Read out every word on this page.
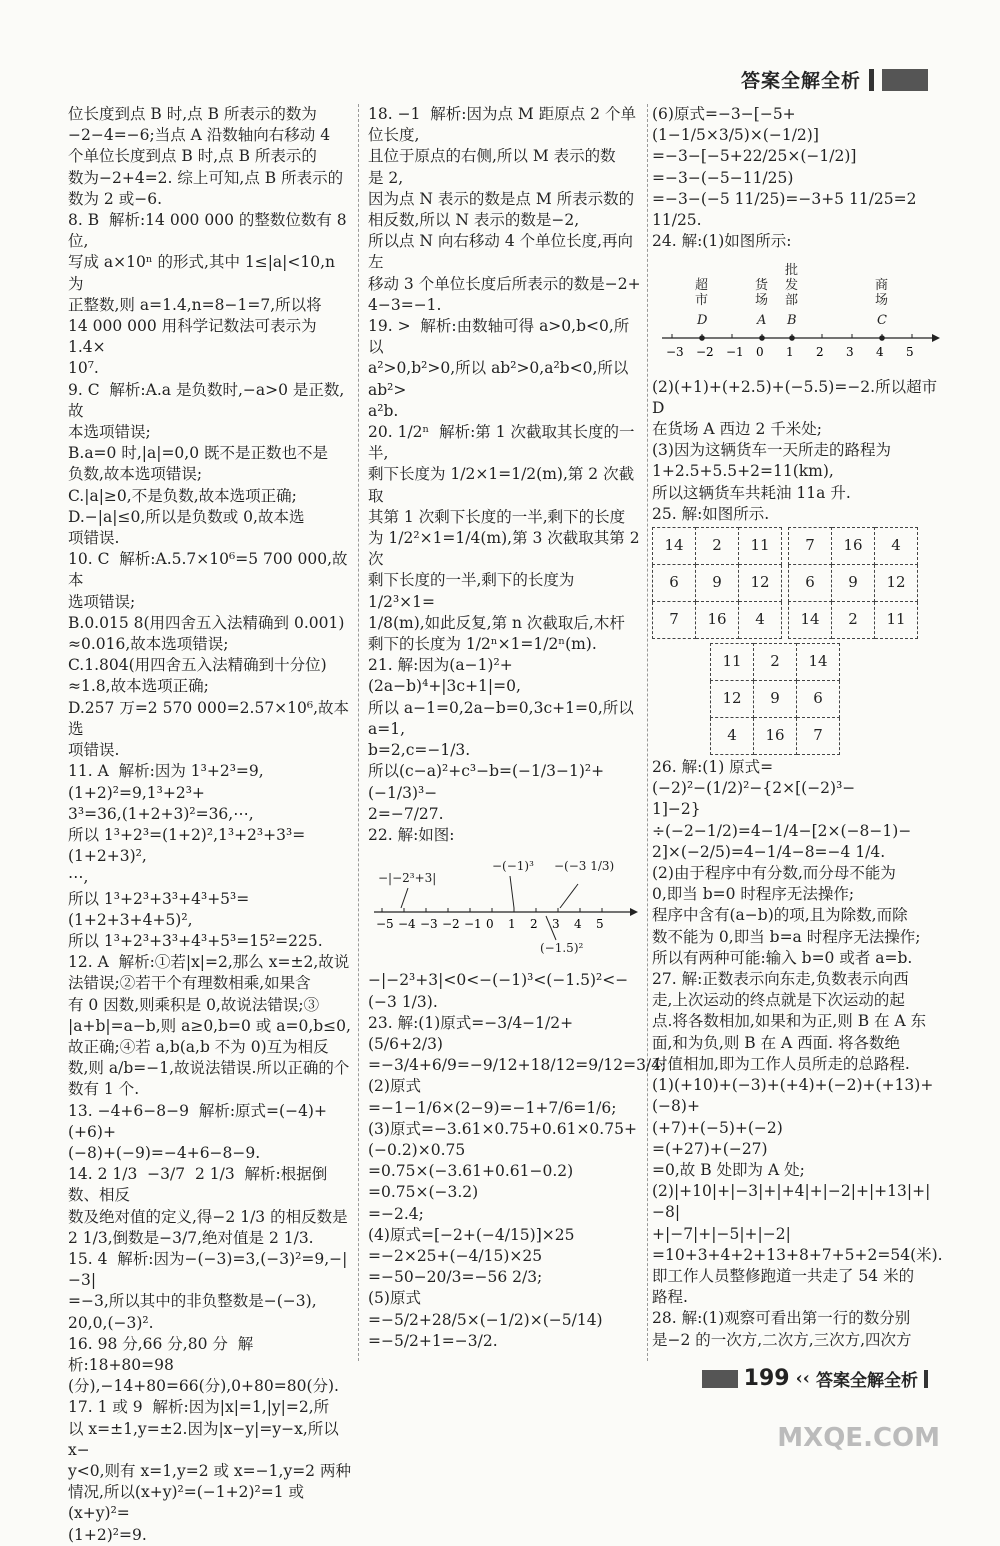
答案全解全析

位长度到点 B 时,点 B 所表示的数为

−2−4=−6;当点 A 沿数轴向右移动 4

个单位长度到点 B 时,点 B 所表示的

数为−2+4=2. 综上可知,点 B 所表示的

数为 2 或−6.

8. B  解析:14 000 000 的整数位数有 8 位,

写成 a×10ⁿ 的形式,其中 1≤|a|<10,n 为

正整数,则 a=1.4,n=8−1=7,所以将

14 000 000 用科学记数法可表示为 1.4×

10⁷.

9. C  解析:A.a 是负数时,−a>0 是正数,故

本选项错误;

B.a=0 时,|a|=0,0 既不是正数也不是

负数,故本选项错误;

C.|a|≥0,不是负数,故本选项正确;

D.−|a|≤0,所以是负数或 0,故本选

项错误.

10. C  解析:A.5.7×10⁶=5 700 000,故本

选项错误;

B.0.015 8(用四舍五入法精确到 0.001)

≈0.016,故本选项错误;

C.1.804(用四舍五入法精确到十分位)

≈1.8,故本选项正确;

D.257 万=2 570 000=2.57×10⁶,故本选

项错误.

11. A  解析:因为 1³+2³=9,(1+2)²=9,1³+2³+

3³=36,(1+2+3)²=36,⋯,

所以 1³+2³=(1+2)²,1³+2³+3³=(1+2+3)²,

⋯,

所以 1³+2³+3³+4³+5³=(1+2+3+4+5)²,

所以 1³+2³+3³+4³+5³=15²=225.

12. A  解析:①若|x|=2,那么 x=±2,故说

法错误;②若干个有理数相乘,如果含

有 0 因数,则乘积是 0,故说法错误;③

|a+b|=a−b,则 a≥0,b=0 或 a=0,b≤0,

故正确;④若 a,b(a,b 不为 0)互为相反

数,则 a/b=−1,故说法错误.所以正确的个

数有 1 个.

13. −4+6−8−9  解析:原式=(−4)+(+6)+

(−8)+(−9)=−4+6−8−9.

14. 2 1/3  −3/7  2 1/3  解析:根据倒数、相反

数及绝对值的定义,得−2 1/3 的相反数是

2 1/3,倒数是−3/7,绝对值是 2 1/3.

15. 4  解析:因为−(−3)=3,(−3)²=9,−|−3|

=−3,所以其中的非负整数是−(−3),

20,0,(−3)².

16. 98 分,66 分,80 分  解析:18+80=98

(分),−14+80=66(分),0+80=80(分).

17. 1 或 9  解析:因为|x|=1,|y|=2,所

以 x=±1,y=±2.因为|x−y|=y−x,所以 x−

y<0,则有 x=1,y=2 或 x=−1,y=2 两种

情况,所以(x+y)²=(−1+2)²=1 或(x+y)²=

(1+2)²=9.

18. −1  解析:因为点 M 距原点 2 个单位长度,

且位于原点的右侧,所以 M 表示的数

是 2,

因为点 N 表示的数是点 M 所表示数的

相反数,所以 N 表示的数是−2,

所以点 N 向右移动 4 个单位长度,再向左

移动 3 个单位长度后所表示的数是−2+

4−3=−1.

19. >  解析:由数轴可得 a>0,b<0,所以

a²>0,b²>0,所以 ab²>0,a²b<0,所以 ab²>

a²b.

20. 1/2ⁿ  解析:第 1 次截取其长度的一半,

剩下长度为 1/2×1=1/2(m),第 2 次截取

其第 1 次剩下长度的一半,剩下的长度

为 1/2²×1=1/4(m),第 3 次截取其第 2 次

剩下长度的一半,剩下的长度为 1/2³×1=

1/8(m),如此反复,第 n 次截取后,木杆

剩下的长度为 1/2ⁿ×1=1/2ⁿ(m).

21. 解:因为(a−1)²+(2a−b)⁴+|3c+1|=0,

所以 a−1=0,2a−b=0,3c+1=0,所以 a=1,

b=2,c=−1/3.

所以(c−a)²+c³−b=(−1/3−1)²+(−1/3)³−

2=−7/27.

22. 解:如图:

−5 −4 −3 −2 −1 0 1 2 3 4 5
−|−2³+3|
−(−1)³ −(−3 1/3)
(−1.5)²

−|−2³+3|<0<−(−1)³<(−1.5)²<−(−3 1/3).

23. 解:(1)原式=−3/4−1/2+(5/6+2/3)

=−3/4+6/9=−9/12+18/12=9/12=3/4;

(2)原式=−1−1/6×(2−9)=−1+7/6=1/6;

(3)原式=−3.61×0.75+0.61×0.75+

(−0.2)×0.75

=0.75×(−3.61+0.61−0.2)

=0.75×(−3.2)

=−2.4;

(4)原式=[−2+(−4/15)]×25

=−2×25+(−4/15)×25

=−50−20/3=−56 2/3;

(5)原式=−5/2+28/5×(−1/2)×(−5/14)

=−5/2+1=−3/2.

(6)原式=−3−[−5+(1−1/5×3/5)×(−1/2)]

=−3−[−5+22/25×(−1/2)]

=−3−(−5−11/25)

=−3−(−5 11/25)=−3+5 11/25=2 11/25.

24. 解:(1)如图所示:

−3 −2 −1 0 1 2 3 4 5
超
市
D
货
场
A
批
发
部
B
商
场
C

(2)(+1)+(+2.5)+(−5.5)=−2.所以超市 D

在货场 A 西边 2 千米处;

(3)因为这辆货车一天所走的路程为

1+2.5+5.5+2=11(km),

所以这辆货车共耗油 11a 升.

25. 解:如图所示.

14	2	11
6	9	12
7	16	4
7	16	4
6	9	12
14	2	11
11	2	14
12	9	6
4	16	7

26. 解:(1) 原式=(−2)²−(1/2)²−{2×[(−2)³−

1]−2}÷(−2−1/2)=4−1/4−[2×(−8−1)−

2]×(−2/5)=4−1/4−8=−4 1/4.

(2)由于程序中有分数,而分母不能为

0,即当 b=0 时程序无法操作;

程序中含有(a−b)的项,且为除数,而除

数不能为 0,即当 b=a 时程序无法操作;

所以有两种可能:输入 b=0 或者 a=b.

27. 解:正数表示向东走,负数表示向西

走,上次运动的终点就是下次运动的起

点.将各数相加,如果和为正,则 B 在 A 东

面,和为负,则 B 在 A 西面. 将各数绝

对值相加,即为工作人员所走的总路程.

(1)(+10)+(−3)+(+4)+(−2)+(+13)+(−8)+

(+7)+(−5)+(−2)

=(+27)+(−27)

=0,故 B 处即为 A 处;

(2)|+10|+|−3|+|+4|+|−2|+|+13|+|−8|

+|−7|+|−5|+|−2|

=10+3+4+2+13+8+7+5+2=54(米).

即工作人员整修跑道一共走了 54 米的

路程.

28. 解:(1)观察可看出第一行的数分别

是−2 的一次方,二次方,三次方,四次方

199 ‹‹ 答案全解全析
MXQE.COM
